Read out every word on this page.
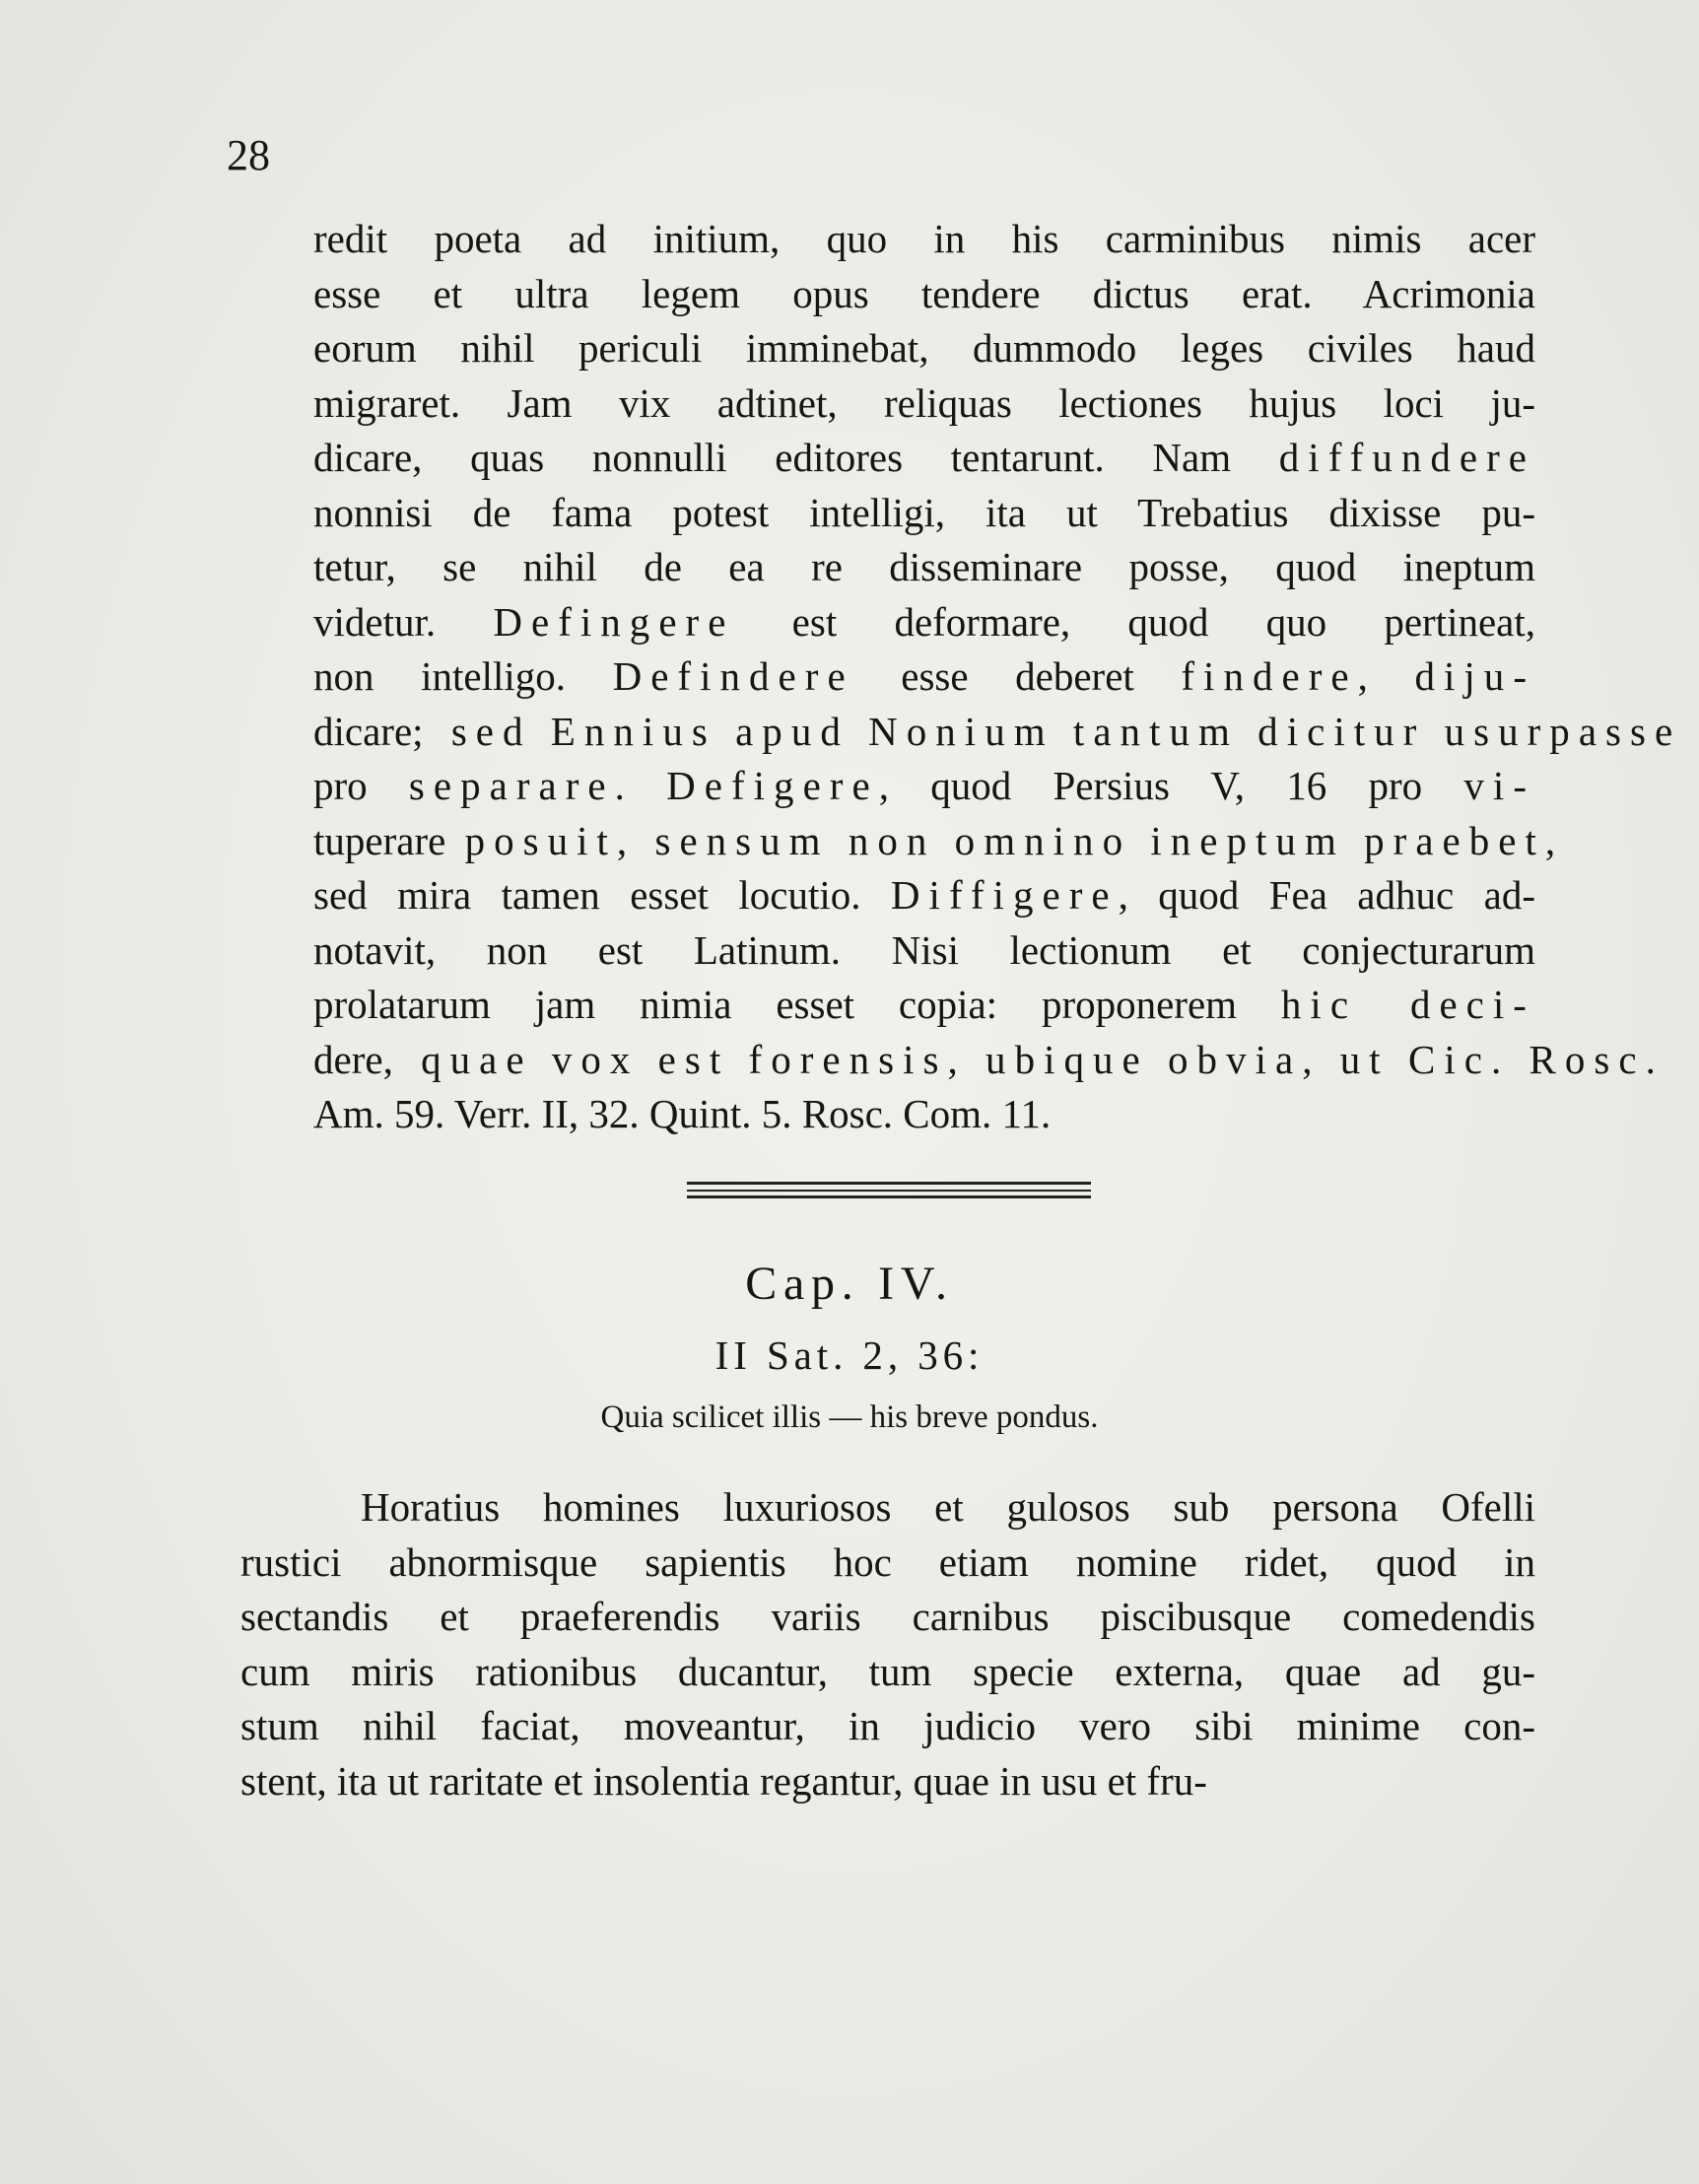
28
redit poeta ad initium, quo in his carminibus nimis acer
esse et ultra legem opus tendere dictus erat. Acrimonia
eorum nihil periculi imminebat, dummodo leges civiles haud
migraret. Jam vix adtinet, reliquas lectiones hujus loci ju-
dicare, quas nonnulli editores tentarunt. Nam diffundere
nonnisi de fama potest intelligi, ita ut Trebatius dixisse pu-
tetur, se nihil de ea re disseminare posse, quod ineptum
videtur. Defingere est deformare, quod quo pertineat,
non intelligo. Defindere esse deberet findere, diju-
dicare; sed Ennius apud Nonium tantum dicitur usurpasse
pro separare. Defigere, quod Persius V, 16 pro vi-
tuperare posuit, sensum non omnino ineptum praebet,
sed mira tamen esset locutio. Diffigere, quod Fea adhuc ad-
notavit, non est Latinum. Nisi lectionum et conjecturarum
prolatarum jam nimia esset copia: proponerem hic deci-
dere, quae vox est forensis, ubique obvia, ut Cic. Rosc.
Am. 59. Verr. II, 32. Quint. 5. Rosc. Com. 11.
Cap. IV.
II Sat. 2, 36:
Quia scilicet illis — his breve pondus.
Horatius homines luxuriosos et gulosos sub persona Ofelli
rustici abnormisque sapientis hoc etiam nomine ridet, quod in
sectandis et praeferendis variis carnibus piscibusque comedendis
cum miris rationibus ducantur, tum specie externa, quae ad gu-
stum nihil faciat, moveantur, in judicio vero sibi minime con-
stent, ita ut raritate et insolentia regantur, quae in usu et fru-
